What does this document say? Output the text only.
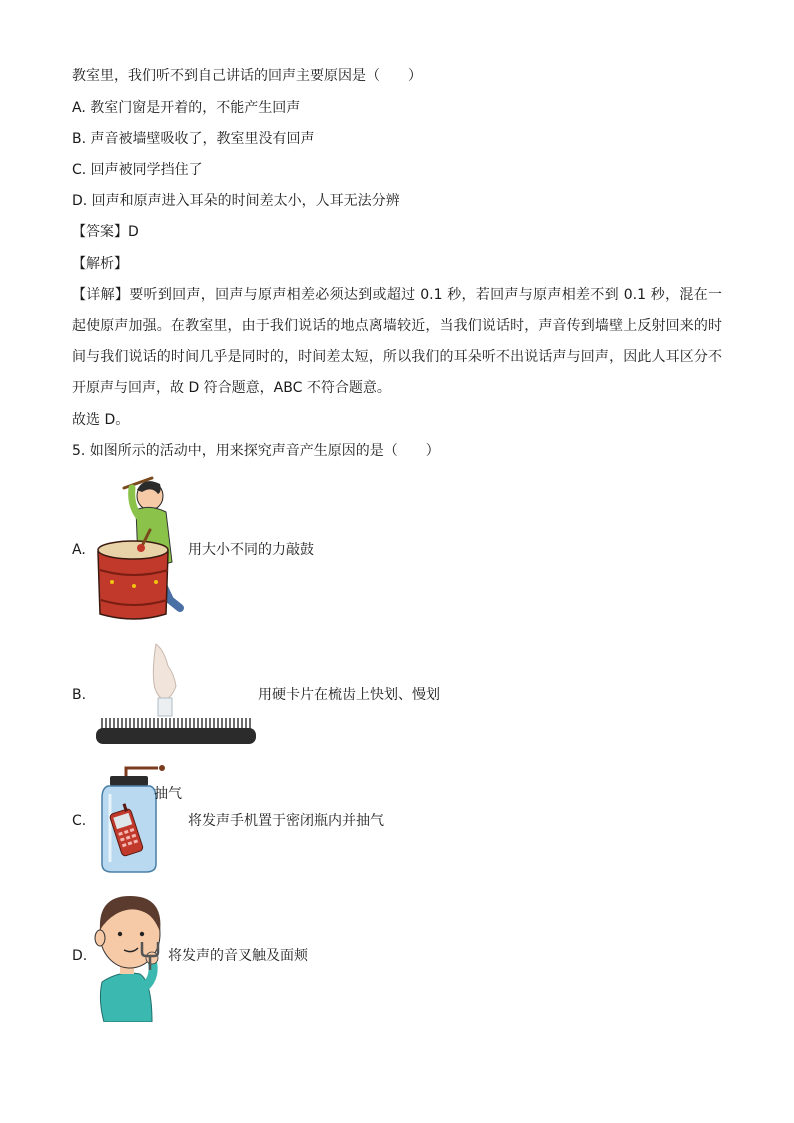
教室里，我们听不到自己讲话的回声主要原因是（　　）
A. 教室门窗是开着的，不能产生回声
B. 声音被墙壁吸收了，教室里没有回声
C. 回声被同学挡住了
D. 回声和原声进入耳朵的时间差太小，人耳无法分辨
【答案】D
【解析】
【详解】要听到回声，回声与原声相差必须达到或超过 0.1 秒，若回声与原声相差不到 0.1 秒，混在一起使原声加强。在教室里，由于我们说话的地点离墙较近，当我们说话时，声音传到墙壁上反射回来的时间与我们说话的时间几乎是同时的，时间差太短，所以我们的耳朵听不出说话声与回声，因此人耳区分不开原声与回声，故 D 符合题意，ABC 不符合题意。
故选 D。
5. 如图所示的活动中，用来探究声音产生原因的是（　　）
A.	用大小不同的力敲鼓
B.	用硬卡片在梳齿上快划、慢划
C.
抽气
将发声手机置于密闭瓶内并抽气
D.	将发声的音叉触及面颊
